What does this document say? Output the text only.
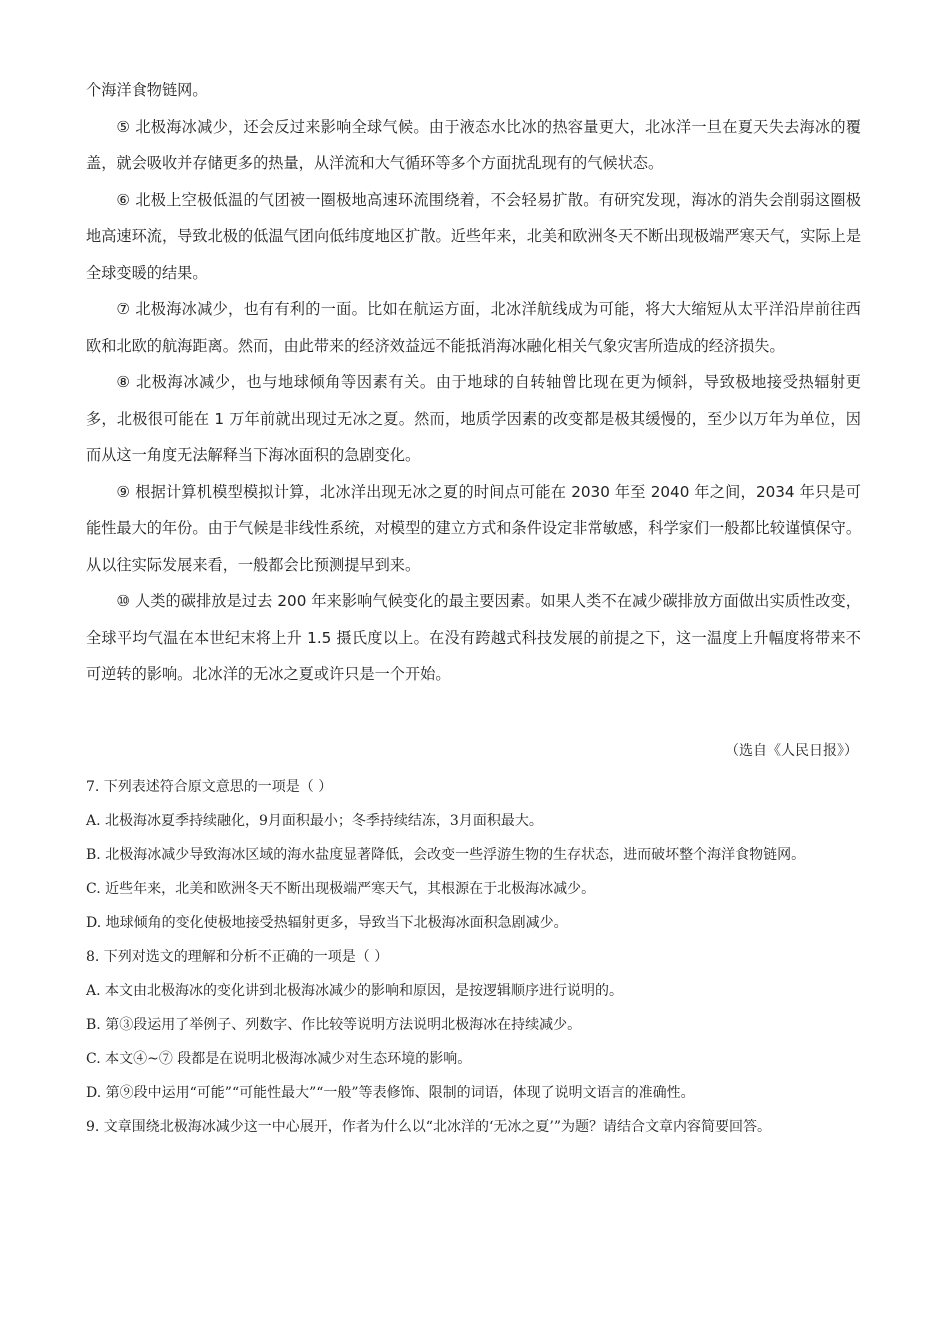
个海洋食物链网。

⑤ 北极海冰减少，还会反过来影响全球气候。由于液态水比冰的热容量更大，北冰洋一旦在夏天失去海冰的覆盖，就会吸收并存储更多的热量，从洋流和大气循环等多个方面扰乱现有的气候状态。

⑥ 北极上空极低温的气团被一圈极地高速环流围绕着，不会轻易扩散。有研究发现，海冰的消失会削弱这圈极地高速环流，导致北极的低温气团向低纬度地区扩散。近些年来，北美和欧洲冬天不断出现极端严寒天气，实际上是全球变暖的结果。

⑦ 北极海冰减少，也有有利的一面。比如在航运方面，北冰洋航线成为可能，将大大缩短从太平洋沿岸前往西欧和北欧的航海距离。然而，由此带来的经济效益远不能抵消海冰融化相关气象灾害所造成的经济损失。

⑧ 北极海冰减少，也与地球倾角等因素有关。由于地球的自转轴曾比现在更为倾斜，导致极地接受热辐射更多，北极很可能在 1 万年前就出现过无冰之夏。然而，地质学因素的改变都是极其缓慢的，至少以万年为单位，因而从这一角度无法解释当下海冰面积的急剧变化。

⑨ 根据计算机模型模拟计算，北冰洋出现无冰之夏的时间点可能在 2030 年至 2040 年之间，2034 年只是可能性最大的年份。由于气候是非线性系统，对模型的建立方式和条件设定非常敏感，科学家们一般都比较谨慎保守。从以往实际发展来看，一般都会比预测提早到来。

⑩ 人类的碳排放是过去 200 年来影响气候变化的最主要因素。如果人类不在减少碳排放方面做出实质性改变，全球平均气温在本世纪末将上升 1.5 摄氏度以上。在没有跨越式科技发展的前提之下，这一温度上升幅度将带来不可逆转的影响。北冰洋的无冰之夏或许只是一个开始。

（选自《人民日报》）

7. 下列表述符合原文意思的一项是（ ）

A. 北极海冰夏季持续融化，9月面积最小；冬季持续结冻，3月面积最大。

B. 北极海冰减少导致海冰区域的海水盐度显著降低，会改变一些浮游生物的生存状态，进而破坏整个海洋食物链网。

C. 近些年来，北美和欧洲冬天不断出现极端严寒天气，其根源在于北极海冰减少。

D. 地球倾角的变化使极地接受热辐射更多，导致当下北极海冰面积急剧减少。

8. 下列对选文的理解和分析不正确的一项是（ ）

A. 本文由北极海冰的变化讲到北极海冰减少的影响和原因，是按逻辑顺序进行说明的。

B. 第③段运用了举例子、列数字、作比较等说明方法说明北极海冰在持续减少。

C. 本文④~⑦ 段都是在说明北极海冰减少对生态环境的影响。

D. 第⑨段中运用“可能”“可能性最大”“一般”等表修饰、限制的词语，体现了说明文语言的准确性。

9. 文章围绕北极海冰减少这一中心展开，作者为什么以“北冰洋的‘无冰之夏’”为题？请结合文章内容简要回答。
